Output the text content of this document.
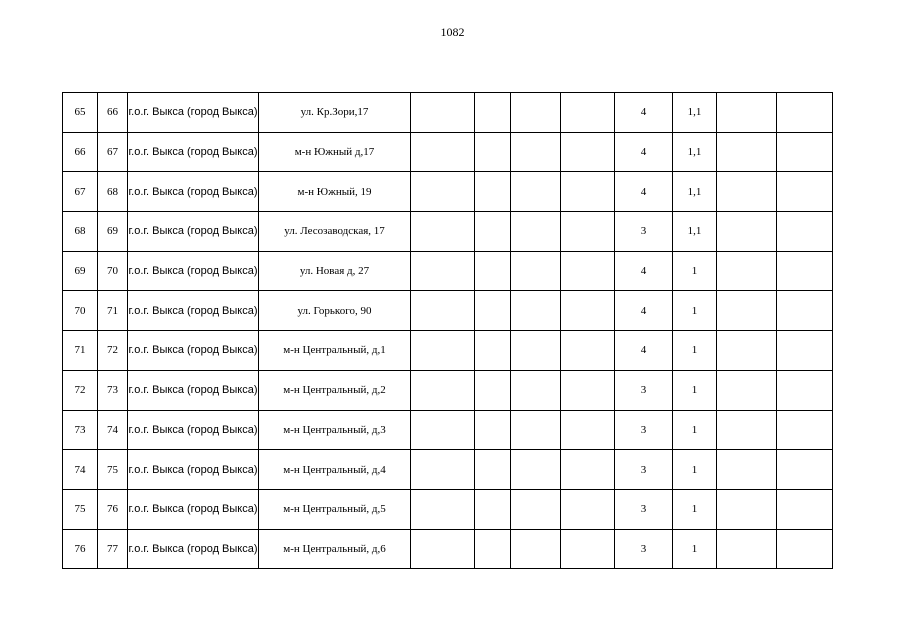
1082
65	66	г.о.г. Выкса (город Выкса)	ул. Кр.Зори,17					4	1,1		
66	67	г.о.г. Выкса (город Выкса)	м-н Южный д,17					4	1,1		
67	68	г.о.г. Выкса (город Выкса)	м-н Южный, 19					4	1,1		
68	69	г.о.г. Выкса (город Выкса)	ул. Лесозаводская, 17					3	1,1		
69	70	г.о.г. Выкса (город Выкса)	ул. Новая д, 27					4	1		
70	71	г.о.г. Выкса (город Выкса)	ул. Горького, 90					4	1		
71	72	г.о.г. Выкса (город Выкса)	м-н Центральный, д,1					4	1		
72	73	г.о.г. Выкса (город Выкса)	м-н Центральный, д,2					3	1		
73	74	г.о.г. Выкса (город Выкса)	м-н Центральный, д,3					3	1		
74	75	г.о.г. Выкса (город Выкса)	м-н Центральный, д,4					3	1		
75	76	г.о.г. Выкса (город Выкса)	м-н Центральный, д,5					3	1		
76	77	г.о.г. Выкса (город Выкса)	м-н Центральный, д,6					3	1		
